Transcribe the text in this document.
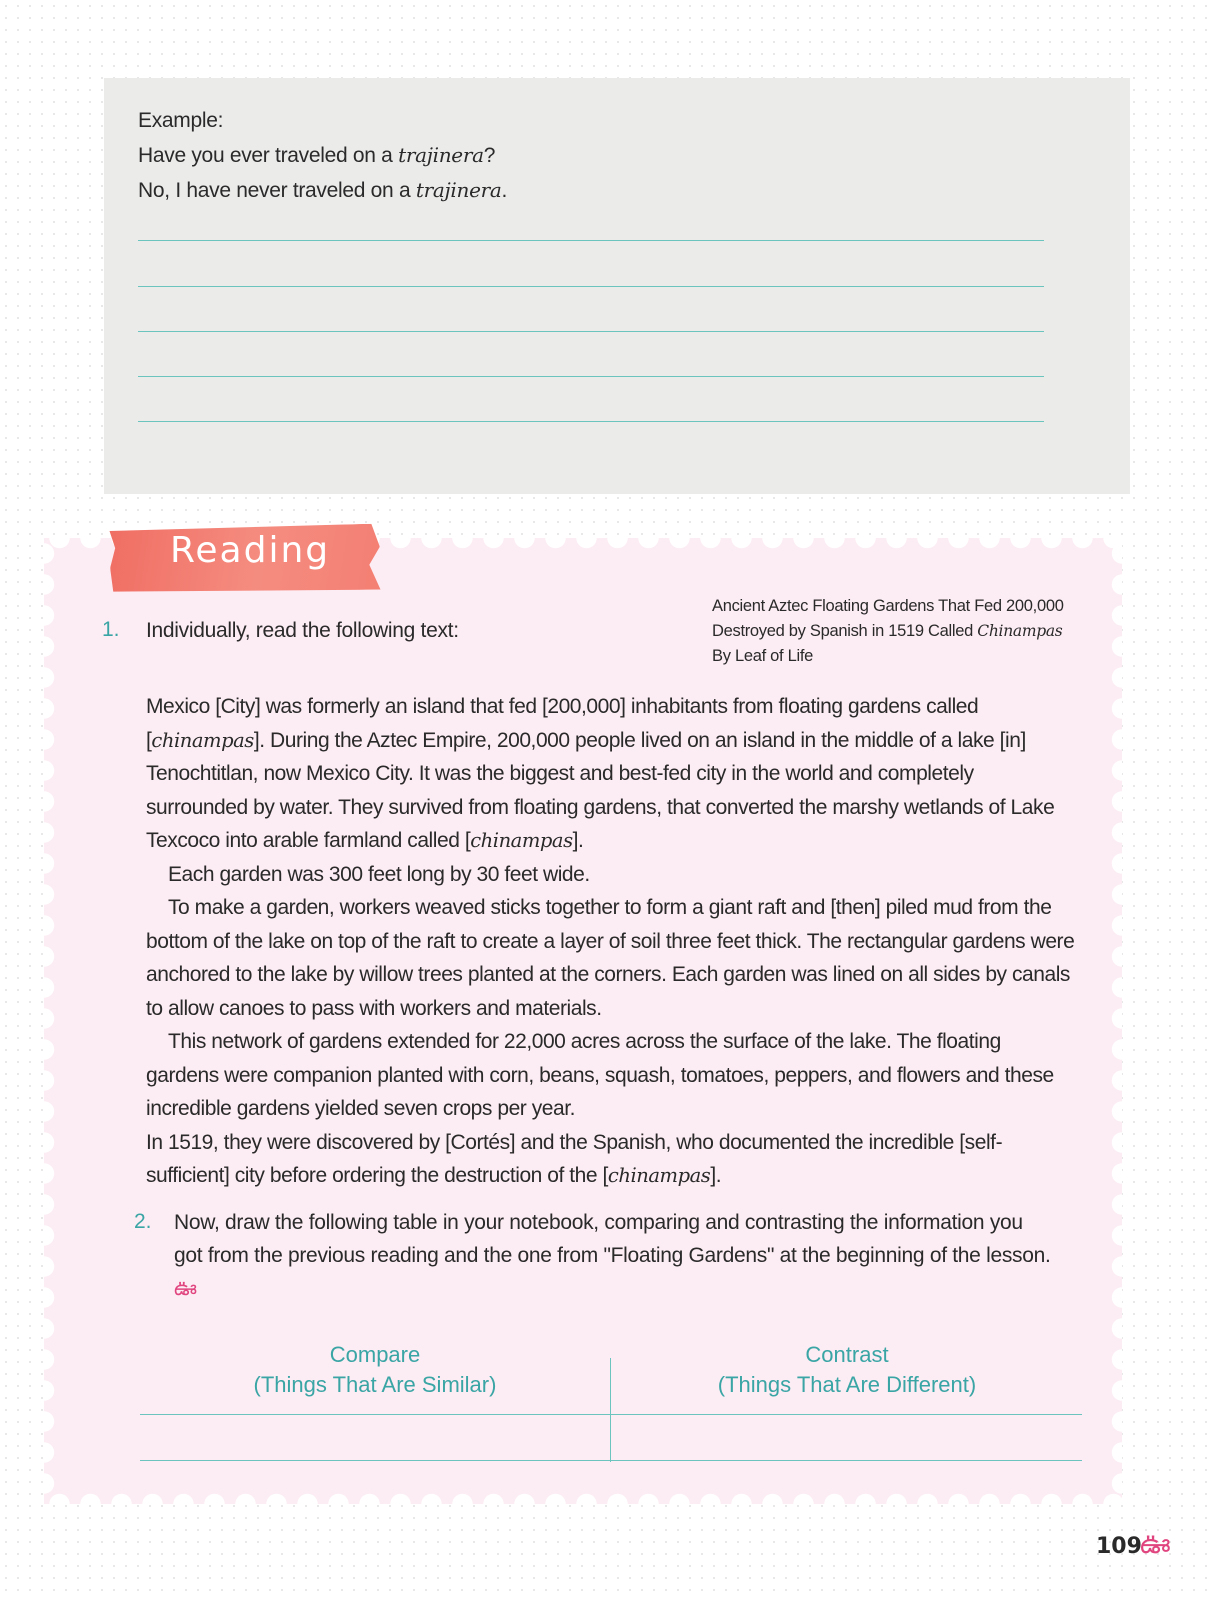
Example:
Have you ever traveled on a trajinera?
No, I have never traveled on a trajinera.
Reading
1. Individually, read the following text:
Ancient Aztec Floating Gardens That Fed 200,000
Destroyed by Spanish in 1519 Called Chinampas
By Leaf of Life

Mexico [City] was formerly an island that fed [200,000] inhabitants from floating gardens called [chinampas]. During the Aztec Empire, 200,000 people lived on an island in the middle of a lake [in] Tenochtitlan, now Mexico City. It was the biggest and best-fed city in the world and completely surrounded by water. They survived from floating gardens, that converted the marshy wetlands of Lake Texcoco into arable farmland called [chinampas].

Each garden was 300 feet long by 30 feet wide.

To make a garden, workers weaved sticks together to form a giant raft and [then] piled mud from the bottom of the lake on top of the raft to create a layer of soil three feet thick. The rectangular gardens were anchored to the lake by willow trees planted at the corners. Each garden was lined on all sides by canals to allow canoes to pass with workers and materials.

This network of gardens extended for 22,000 acres across the surface of the lake. The floating gardens were companion planted with corn, beans, squash, tomatoes, peppers, and flowers and these incredible gardens yielded seven crops per year.

In 1519, they were discovered by [Cortés] and the Spanish, who documented the incredible [self-sufficient] city before ordering the destruction of the [chinampas].

2. Now, draw the following table in your notebook, comparing and contrasting the information you got from the previous reading and the one from "Floating Gardens" at the beginning of the lesson. ఊ
Compare
(Things That Are Similar)
Contrast
(Things That Are Different)
109
ఊ
